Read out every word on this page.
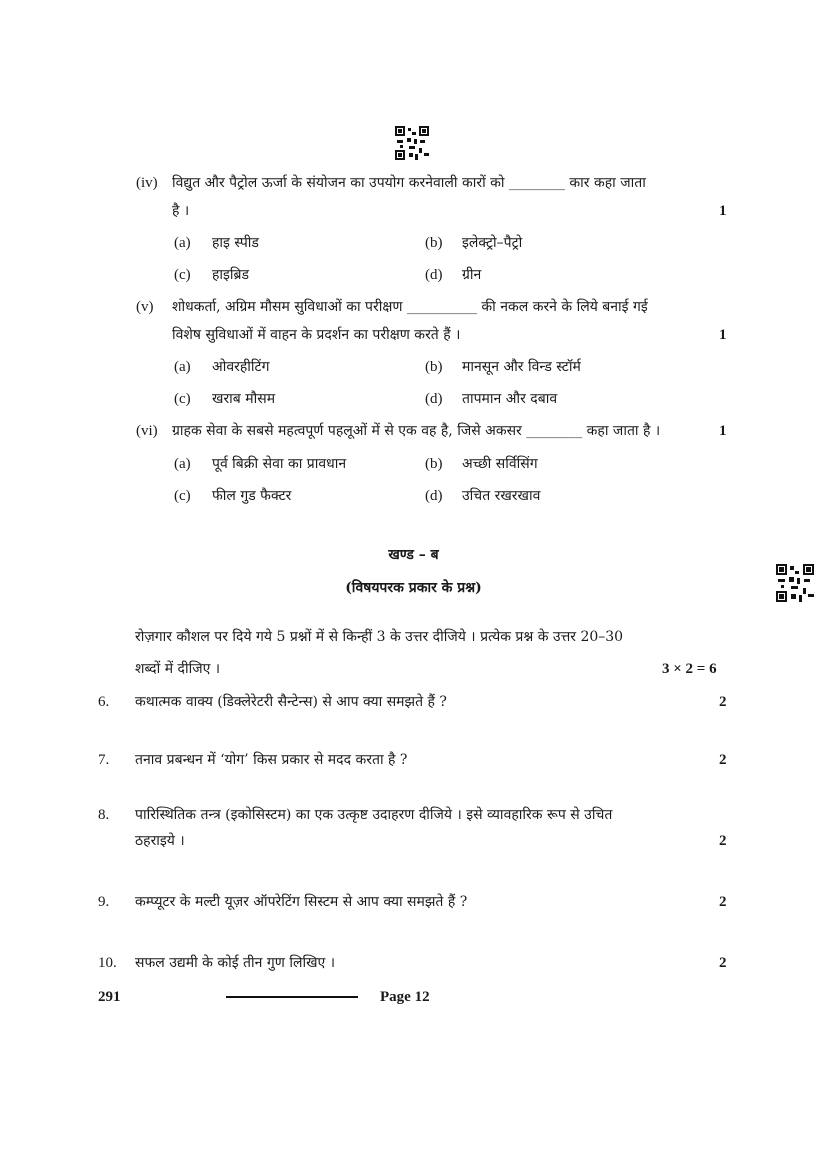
(iv) विद्युत और पैट्रोल ऊर्जा के संयोजन का उपयोग करनेवाली कारों को ________ कार कहा जाता
है ।	1
(a) हाइ स्पीड	(b) इलेक्ट्रो–पैट्रो
(c) हाइब्रिड	(d) ग्रीन
(v) शोधकर्ता, अग्रिम मौसम सुविधाओं का परीक्षण __________ की नकल करने के लिये बनाई गई
विशेष सुविधाओं में वाहन के प्रदर्शन का परीक्षण करते हैं ।	1
(a) ओवरहीटिंग	(b) मानसून और विन्ड स्टॉर्म
(c) खराब मौसम	(d) तापमान और दबाव
(vi) ग्राहक सेवा के सबसे महत्वपूर्ण पहलूओं में से एक वह है, जिसे अकसर ________ कहा जाता है ।	1
(a) पूर्व बिक्री सेवा का प्रावधान	(b) अच्छी सर्विसिंग
(c) फील गुड फैक्टर	(d) उचित रखरखाव
खण्ड – ब
(विषयपरक प्रकार के प्रश्न)
रोज़गार कौशल पर दिये गये 5 प्रश्नों में से किन्हीं 3 के उत्तर दीजिये । प्रत्येक प्रश्न के उत्तर 20–30
शब्दों में दीजिए ।	3 × 2 = 6
6. कथात्मक वाक्य (डिक्लेरेटरी सैन्टेन्स) से आप क्या समझते हैं ?	2
7. तनाव प्रबन्धन में ‘योग’ किस प्रकार से मदद करता है ?	2
8. पारिस्थितिक तन्त्र (इकोसिस्टम) का एक उत्कृष्ट उदाहरण दीजिये । इसे व्यावहारिक रूप से उचित
ठहराइये ।	2
9. कम्प्यूटर के मल्टी यूज़र ऑपरेटिंग सिस्टम से आप क्या समझते हैं ?	2
10. सफल उद्यमी के कोई तीन गुण लिखिए ।	2
291	Page 12
